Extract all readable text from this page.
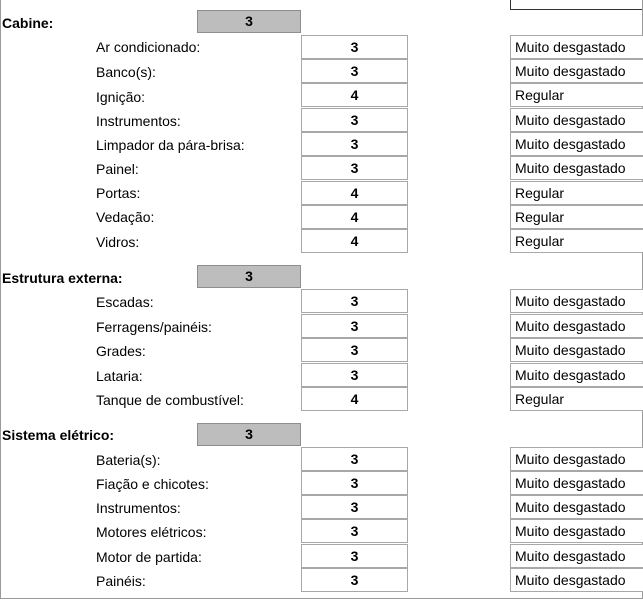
Cabine:	3
Ar condicionado:	3	Muito desgastado
Banco(s):	3	Muito desgastado
Ignição:	4	Regular
Instrumentos:	3	Muito desgastado
Limpador da pára-brisa:	3	Muito desgastado
Painel:	3	Muito desgastado
Portas:	4	Regular
Vedação:	4	Regular
Vidros:	4	Regular
Estrutura externa:	3
Escadas:	3	Muito desgastado
Ferragens/painéis:	3	Muito desgastado
Grades:	3	Muito desgastado
Lataria:	3	Muito desgastado
Tanque de combustível:	4	Regular
Sistema elétrico:	3
Bateria(s):	3	Muito desgastado
Fiação e chicotes:	3	Muito desgastado
Instrumentos:	3	Muito desgastado
Motores elétricos:	3	Muito desgastado
Motor de partida:	3	Muito desgastado
Painéis:	3	Muito desgastado
